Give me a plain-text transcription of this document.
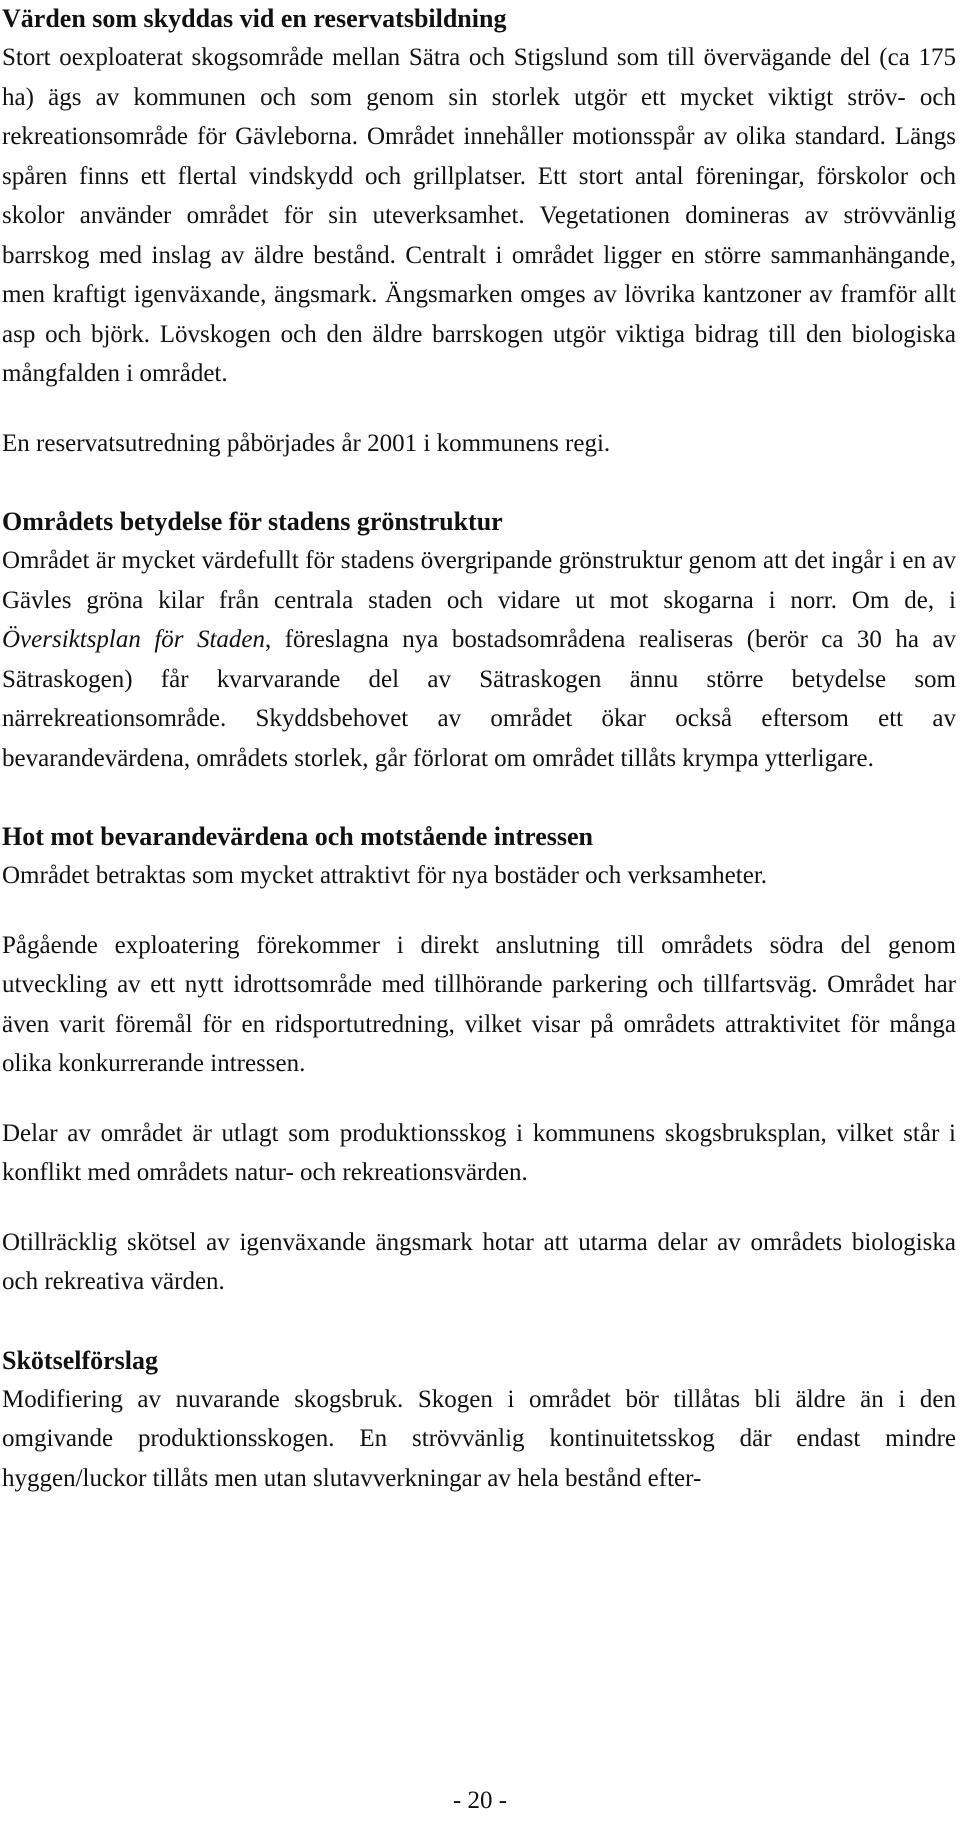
Värden som skyddas vid en reservatsbildning

Stort oexploaterat skogsområde mellan Sätra och Stigslund som till övervägande del (ca 175 ha) ägs av kommunen och som genom sin storlek utgör ett mycket viktigt ströv- och rekreationsområde för Gävleborna. Området innehåller motionsspår av olika standard. Längs spåren finns ett flertal vindskydd och grillplatser. Ett stort antal föreningar, förskolor och skolor använder området för sin uteverksamhet. Vegetationen domineras av strövvänlig barrskog med inslag av äldre bestånd. Centralt i området ligger en större sammanhängande, men kraftigt igenväxande, ängsmark. Ängsmarken omges av lövrika kantzoner av framför allt asp och björk. Lövskogen och den äldre barrskogen utgör viktiga bidrag till den biologiska mångfalden i området.

En reservatsutredning påbörjades år 2001 i kommunens regi.

Områdets betydelse för stadens grönstruktur

Området är mycket värdefullt för stadens övergripande grönstruktur genom att det ingår i en av Gävles gröna kilar från centrala staden och vidare ut mot skogarna i norr. Om de, i Översiktsplan för Staden, föreslagna nya bostadsområdena realiseras (berör ca 30 ha av Sätraskogen) får kvarvarande del av Sätraskogen ännu större betydelse som närrekreationsområde. Skyddsbehovet av området ökar också eftersom ett av bevarandevärdena, områdets storlek, går förlorat om området tillåts krympa ytterligare.

Hot mot bevarandevärdena och motstående intressen

Området betraktas som mycket attraktivt för nya bostäder och verksamheter.

Pågående exploatering förekommer i direkt anslutning till områdets södra del genom utveckling av ett nytt idrottsområde med tillhörande parkering och tillfartsväg. Området har även varit föremål för en ridsportutredning, vilket visar på områdets attraktivitet för många olika konkurrerande intressen.

Delar av området är utlagt som produktionsskog i kommunens skogsbruksplan, vilket står i konflikt med områdets natur- och rekreationsvärden.

Otillräcklig skötsel av igenväxande ängsmark hotar att utarma delar av områdets biologiska och rekreativa värden.

Skötselförslag

Modifiering av nuvarande skogsbruk. Skogen i området bör tillåtas bli äldre än i den omgivande produktionsskogen. En strövvänlig kontinuitetsskog där endast mindre hyggen/luckor tillåts men utan slutavverkningar av hela bestånd efter-

- 20 -
